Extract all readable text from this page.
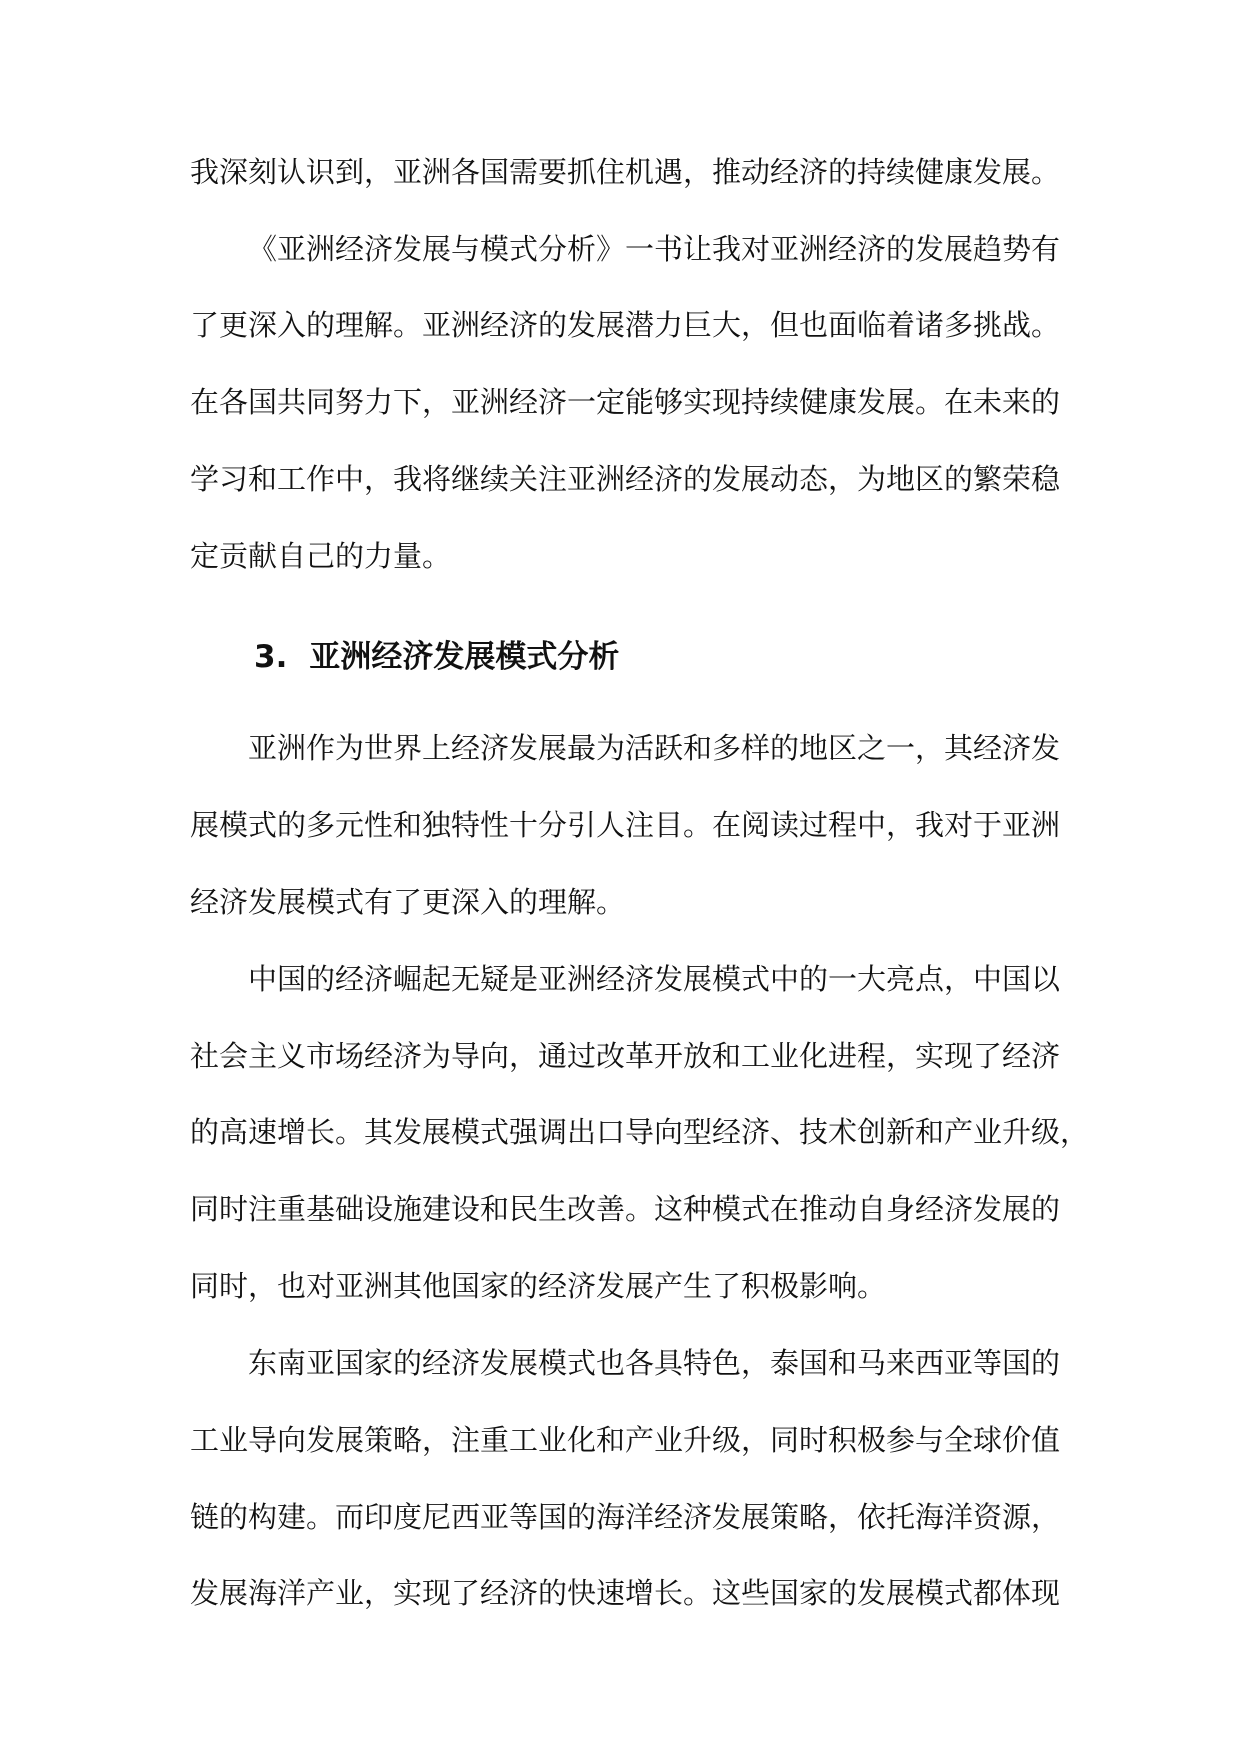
我深刻认识到，亚洲各国需要抓住机遇，推动经济的持续健康发展。
《亚洲经济发展与模式分析》一书让我对亚洲经济的发展趋势有
了更深入的理解。亚洲经济的发展潜力巨大，但也面临着诸多挑战。
在各国共同努力下，亚洲经济一定能够实现持续健康发展。在未来的
学习和工作中，我将继续关注亚洲经济的发展动态，为地区的繁荣稳
定贡献自己的力量。
3. 亚洲经济发展模式分析
亚洲作为世界上经济发展最为活跃和多样的地区之一，其经济发
展模式的多元性和独特性十分引人注目。在阅读过程中，我对于亚洲
经济发展模式有了更深入的理解。
中国的经济崛起无疑是亚洲经济发展模式中的一大亮点，中国以
社会主义市场经济为导向，通过改革开放和工业化进程，实现了经济
的高速增长。其发展模式强调出口导向型经济、技术创新和产业升级，
同时注重基础设施建设和民生改善。这种模式在推动自身经济发展的
同时，也对亚洲其他国家的经济发展产生了积极影响。
东南亚国家的经济发展模式也各具特色，泰国和马来西亚等国的
工业导向发展策略，注重工业化和产业升级，同时积极参与全球价值
链的构建。而印度尼西亚等国的海洋经济发展策略，依托海洋资源，
发展海洋产业，实现了经济的快速增长。这些国家的发展模式都体现
